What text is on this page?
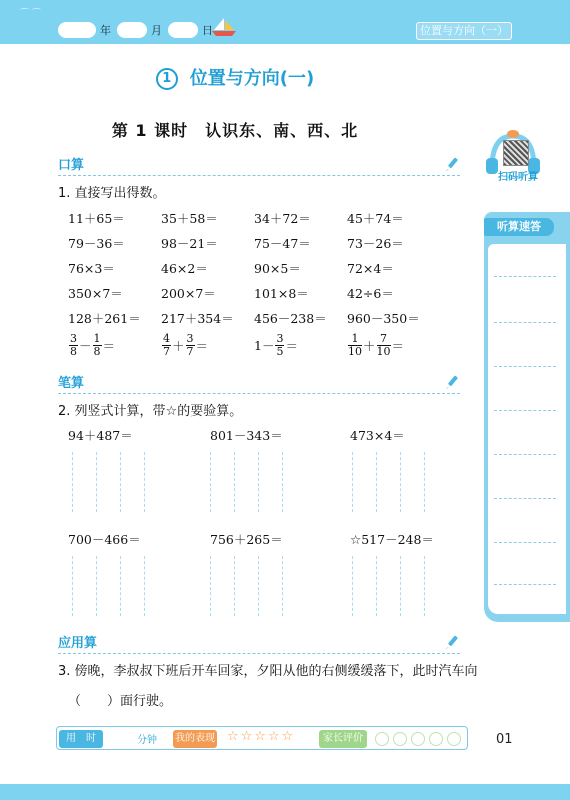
⌒ ⌒
年	月	日	位置与方向（一）
1 位置与方向(一)
第 1 课时　认识东、南、西、北
口算
1. 直接写出得数。
11＋65＝	35＋58＝	34＋72＝	45＋74＝
79－36＝	98－21＝	75－47＝	73－26＝
76×3＝	46×2＝	90×5＝	72×4＝
350×7＝	200×7＝	101×8＝	42÷6＝
128＋261＝	217＋354＝	456－238＝	960－350＝
$\frac{3}{8} - \frac{1}{8}$ ＝	$\frac{4}{7} + \frac{3}{7}$ ＝	$1- \frac{3}{5}$ ＝	$\frac{1}{10} + \frac{7}{10}$ ＝
笔算
2. 列竖式计算，带☆的要验算。
94＋487＝	801－343＝	473×4＝
700－466＝	756＋265＝	☆517－248＝
应用算
3. 傍晚，李叔叔下班后开车回家，夕阳从他的右侧缓缓落下，此时汽车向
（　　）面行驶。
扫码听算
听算速答
用　时	分钟 我的表现 ☆☆☆☆☆	家长评价	01
